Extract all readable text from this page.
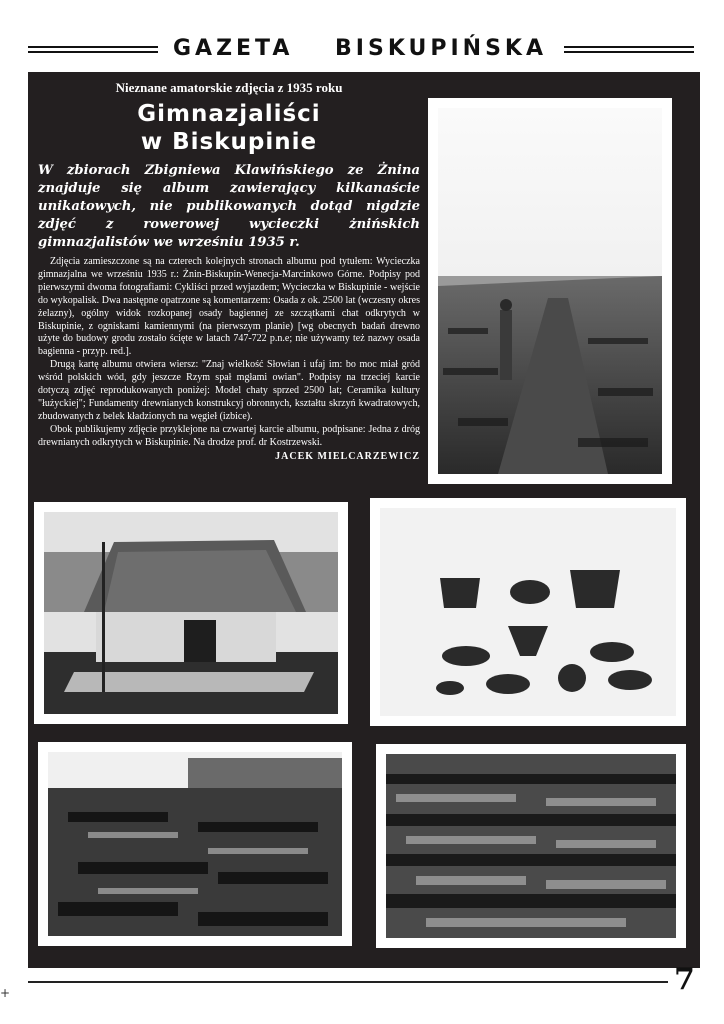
GAZETA BISKUPIŃSKA
Nieznane amatorskie zdjęcia z 1935 roku
Gimnazjaliści
w Biskupinie
W zbiorach Zbigniewa Klawińskiego ze Żnina znajduje się album zawierający kilkanaście unikatowych, nie publikowanych dotąd nigdzie zdjęć z rowerowej wycieczki żnińskich gimnazjalistów we wrześniu 1935 r.

Zdjęcia zamieszczone są na czterech kolejnych stronach albumu pod tytułem: Wycieczka gimnazjalna we wrześniu 1935 r.: Żnin-Biskupin-Wenecja-Marcinkowo Górne. Podpisy pod pierwszymi dwoma fotografiami: Cykliści przed wyjazdem; Wycieczka w Biskupinie - wejście do wykopalisk. Dwa następne opatrzone są komentarzem: Osada z ok. 2500 lat (wczesny okres żelazny), ogólny widok rozkopanej osady bagiennej ze szczątkami chat odkrytych w Biskupinie, z ogniskami kamiennymi (na pierwszym planie) [wg obecnych badań drewno użyte do budowy grodu zostało ścięte w latach 747-722 p.n.e; nie używamy też nazwy osada bagienna - przyp. red.].

Drugą kartę albumu otwiera wiersz: "Znaj wielkość Słowian i ufaj im: bo moc miał gród wśród polskich wód, gdy jeszcze Rzym spał mgłami owian". Podpisy na trzeciej karcie dotyczą zdjęć reprodukowanych poniżej: Model chaty sprzed 2500 lat; Ceramika kultury "łużyckiej"; Fundamenty drewnianych konstrukcyj obronnych, kształtu skrzyń kwadratowych, zbudowanych z belek kładzionych na węgieł (izbice).

Obok publikujemy zdjęcie przyklejone na czwartej karcie albumu, podpisane: Jedna z dróg drewnianych odkrytych w Biskupinie. Na drodze prof. dr Kostrzewski.

JACEK MIELCARZEWICZ
7
+
